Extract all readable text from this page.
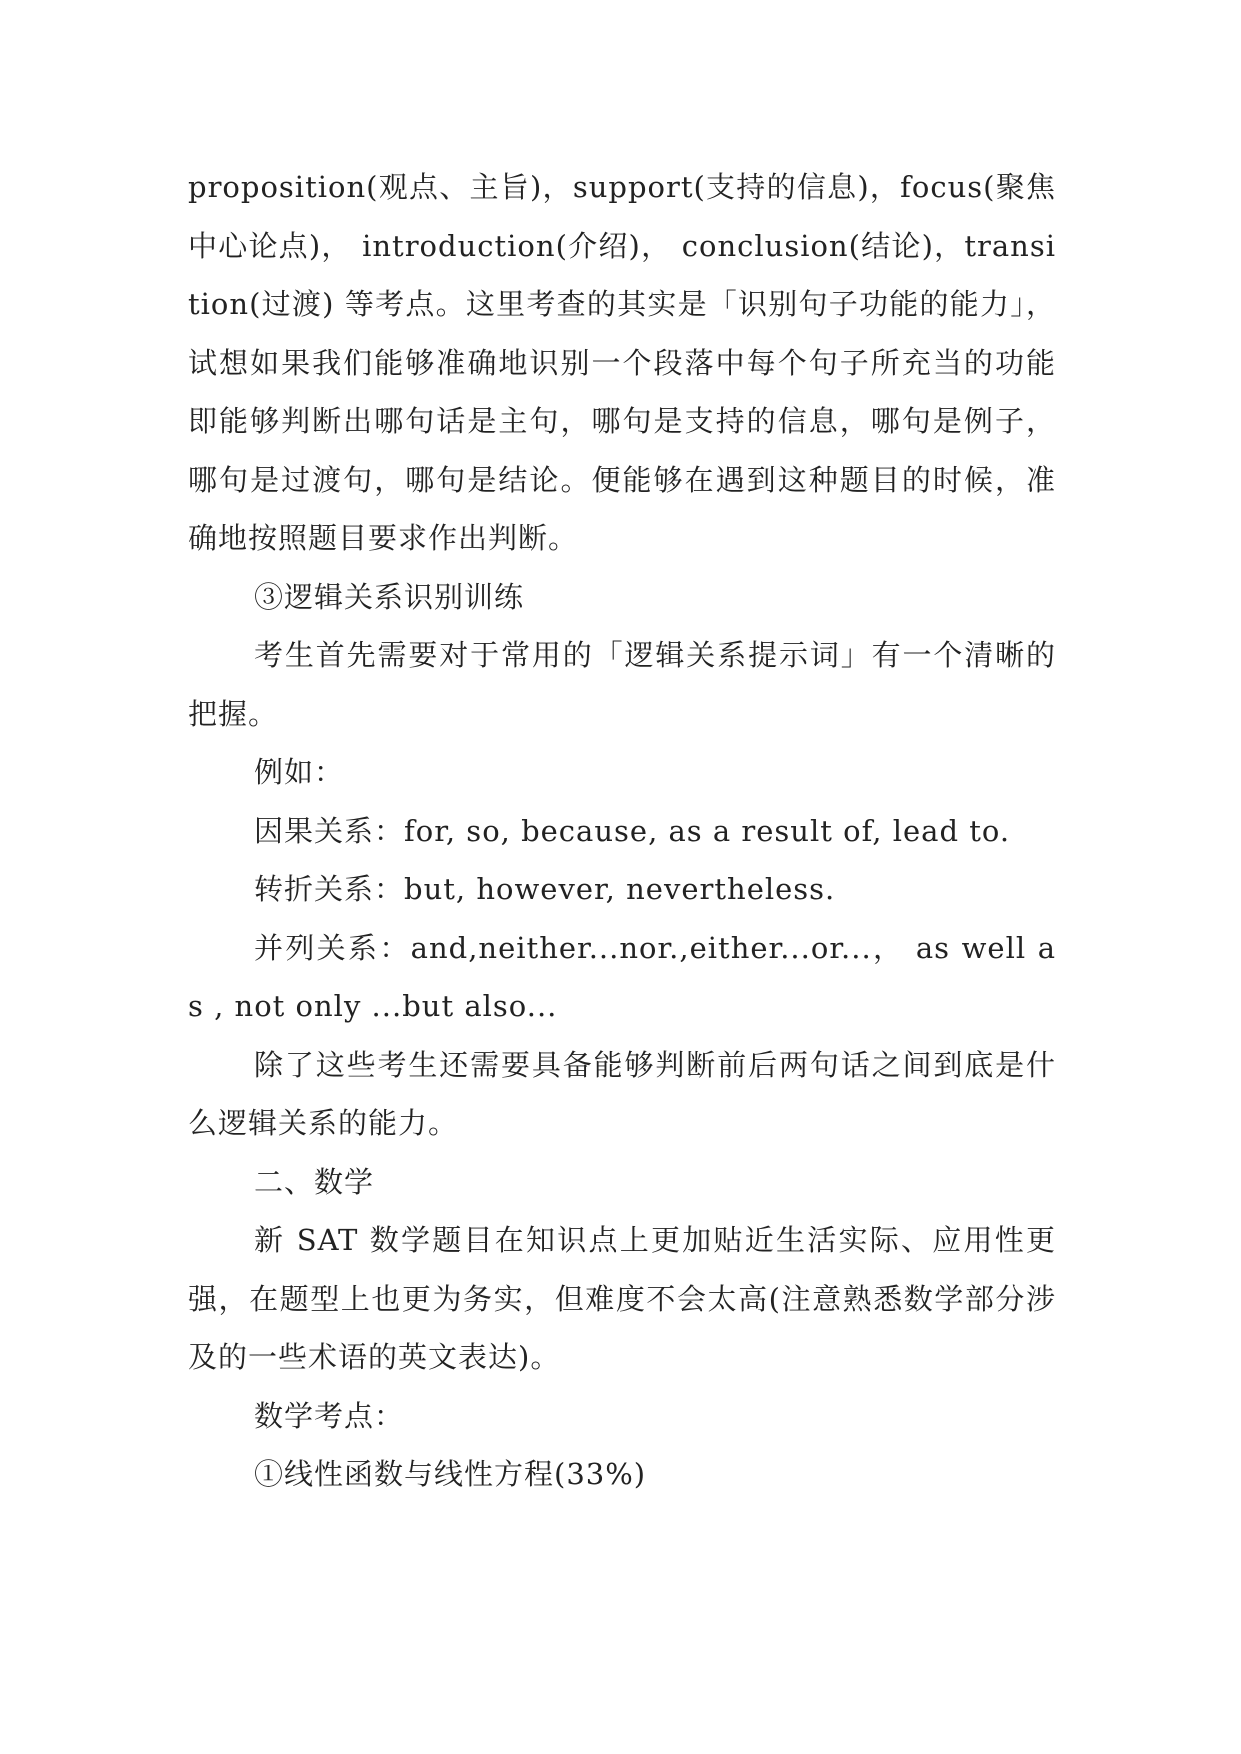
proposition(观点、主旨)，support(支持的信息)，focus(聚焦中心论点)， introduction(介绍)， conclusion(结论)，transition(过渡) 等考点。这里考查的其实是「识别句子功能的能力」，试想如果我们能够准确地识别一个段落中每个句子所充当的功能即能够判断出哪句话是主句，哪句是支持的信息，哪句是例子，哪句是过渡句，哪句是结论。便能够在遇到这种题目的时候，准确地按照题目要求作出判断。

③逻辑关系识别训练

考生首先需要对于常用的「逻辑关系提示词」有一个清晰的把握。

例如：

因果关系：for, so, because, as a result of, lead to.

转折关系：but, however, nevertheless.

并列关系：and,neither...nor.,either...or...， as well as , not only ...but also...

除了这些考生还需要具备能够判断前后两句话之间到底是什么逻辑关系的能力。

二、数学

新 SAT 数学题目在知识点上更加贴近生活实际、应用性更强，在题型上也更为务实，但难度不会太高(注意熟悉数学部分涉及的一些术语的英文表达)。

数学考点：

①线性函数与线性方程(33%)
